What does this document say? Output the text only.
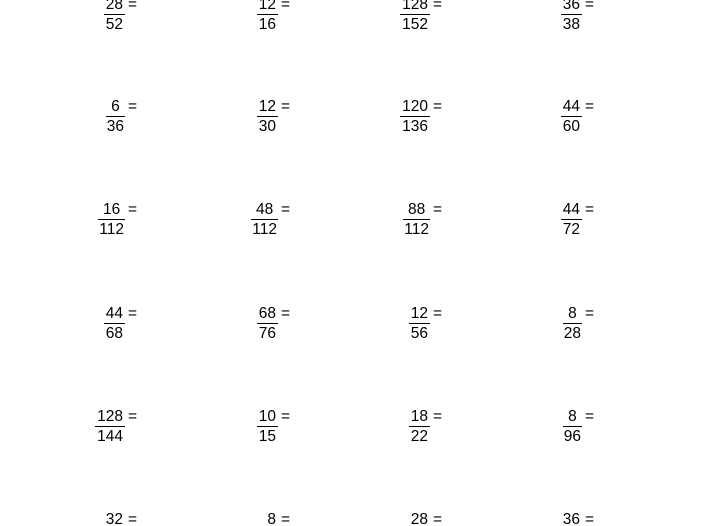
$\frac{28}{52}$ =	$\frac{12}{16}$ =	$\frac{128}{152}$ =	$\frac{36}{38}$ =
$\frac{6}{36}$ =	$\frac{12}{30}$ =	$\frac{120}{136}$ =	$\frac{44}{60}$ =
$\frac{16}{112}$ =	$\frac{48}{112}$ =	$\frac{88}{112}$ =	$\frac{44}{72}$ =
$\frac{44}{68}$ =	$\frac{68}{76}$ =	$\frac{12}{56}$ =	$\frac{8}{28}$ =
$\frac{128}{144}$ =	$\frac{10}{15}$ =	$\frac{18}{22}$ =	$\frac{8}{96}$ =
32 =	8 =	28 =	36 =
